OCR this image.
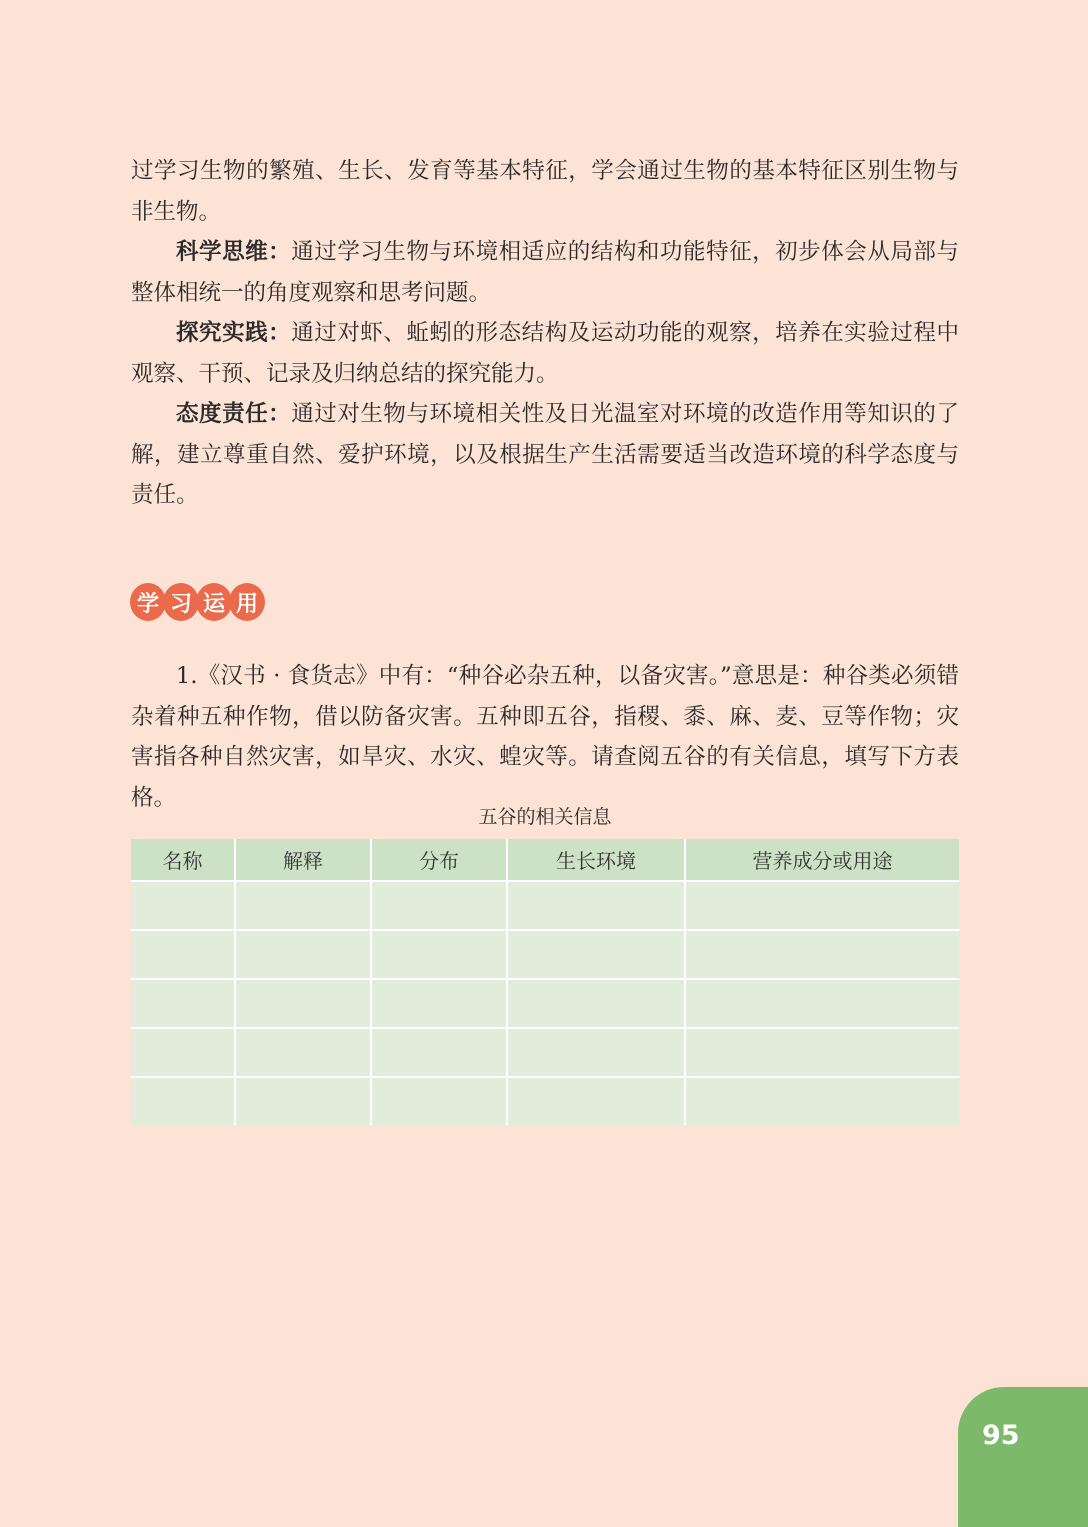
过学习生物的繁殖、生长、发育等基本特征，学会通过生物的基本特征区别生物与非生物。

科学思维：通过学习生物与环境相适应的结构和功能特征，初步体会从局部与整体相统一的角度观察和思考问题。

探究实践：通过对虾、蚯蚓的形态结构及运动功能的观察，培养在实验过程中观察、干预、记录及归纳总结的探究能力。

态度责任：通过对生物与环境相关性及日光温室对环境的改造作用等知识的了解，建立尊重自然、爱护环境，以及根据生产生活需要适当改造环境的科学态度与责任。

学 习 运 用

1.《汉书 · 食货志》中有：“种谷必杂五种，以备灾害。”意思是：种谷类必须错杂着种五种作物，借以防备灾害。五种即五谷，指稷、黍、麻、麦、豆等作物；灾害指各种自然灾害，如旱灾、水灾、蝗灾等。请查阅五谷的有关信息，填写下方表格。

五谷的相关信息
名称	解释	分布	生长环境	营养成分或用途

95
